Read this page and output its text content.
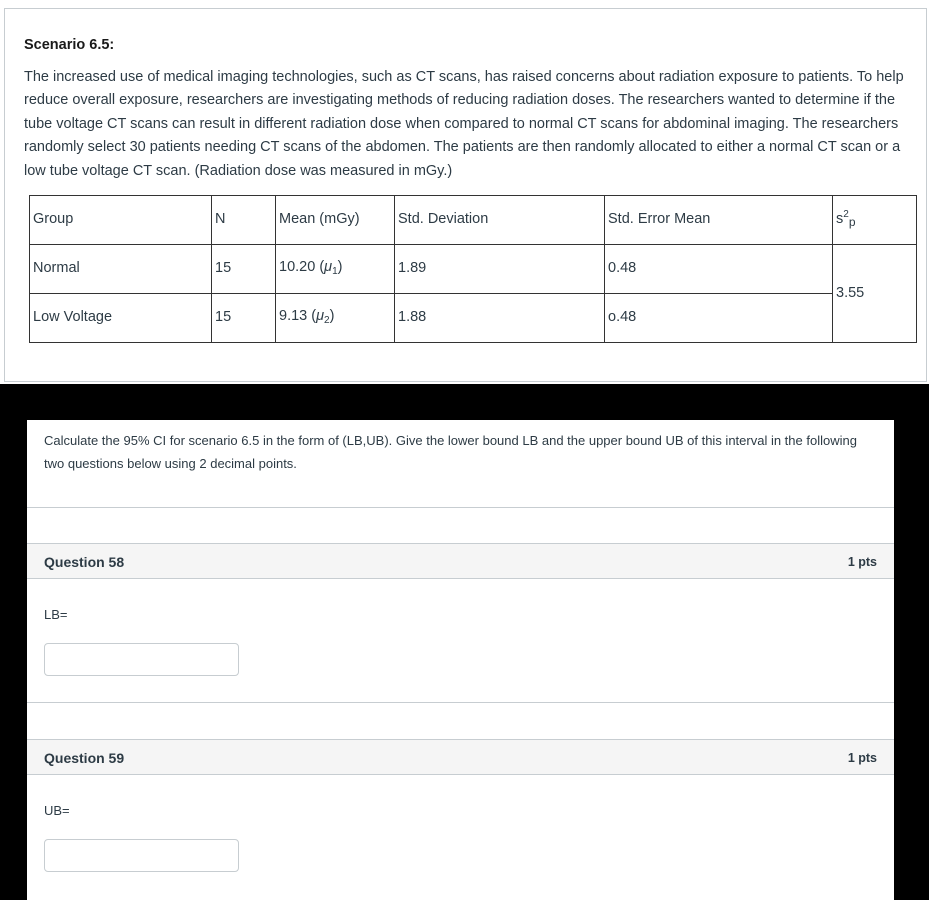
Scenario 6.5:

The increased use of medical imaging technologies, such as CT scans, has raised concerns about radiation exposure to patients. To help reduce overall exposure, researchers are investigating methods of reducing radiation doses. The researchers wanted to determine if the tube voltage CT scans can result in different radiation dose when compared to normal CT scans for abdominal imaging. The researchers randomly select 30 patients needing CT scans of the abdomen. The patients are then randomly allocated to either a normal CT scan or a low tube voltage CT scan. (Radiation dose was measured in mGy.)

Group	N	Mean (mGy)	Std. Deviation	Std. Error Mean	$s^2_p$
Normal	15	10.20 $(\mu_1)$	1.89	0.48	3.55
Low Voltage	15	9.13 $(\mu_2)$	1.88	o.48	

Calculate the 95% CI for scenario 6.5 in the form of (LB,UB). Give the lower bound LB and the upper bound UB of this interval in the following two questions below using 2 decimal points.

Question 58	1 pts
LB=
Question 59	1 pts
UB=
